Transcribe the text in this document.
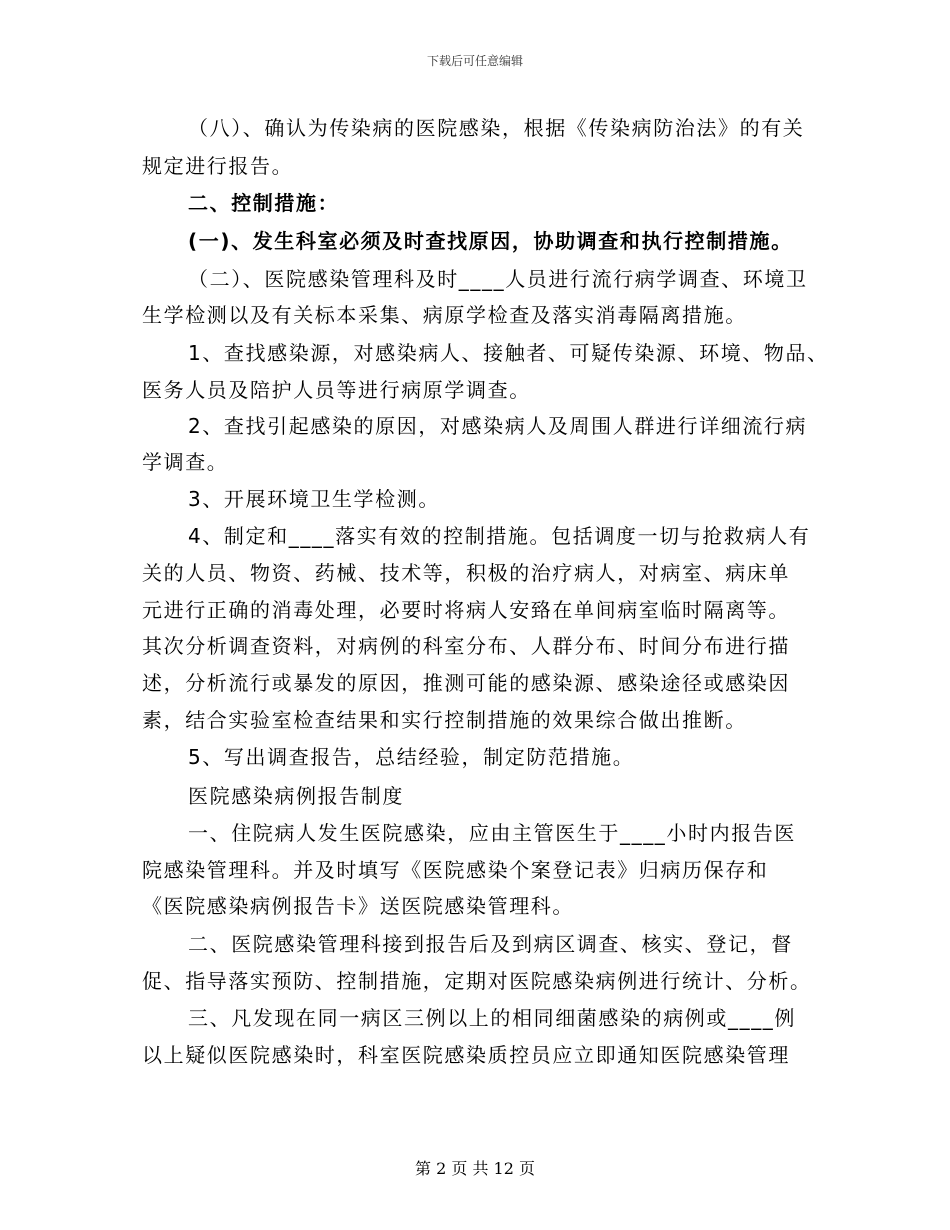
下载后可任意编辑
（八）、确认为传染病的医院感染，根据《传染病防治法》的有关
规定进行报告。
二、控制措施：
(一)、发生科室必须及时查找原因，协助调查和执行控制措施。
（二）、医院感染管理科及时____人员进行流行病学调查、环境卫
生学检测以及有关标本采集、病原学检查及落实消毒隔离措施。
1、查找感染源，对感染病人、接触者、可疑传染源、环境、物品、
医务人员及陪护人员等进行病原学调查。
2、查找引起感染的原因，对感染病人及周围人群进行详细流行病
学调查。
3、开展环境卫生学检测。
4、制定和____落实有效的控制措施。包括调度一切与抢救病人有
关的人员、物资、药械、技术等，积极的治疗病人，对病室、病床单
元进行正确的消毒处理，必要时将病人安臵在单间病室临时隔离等。
其次分析调查资料，对病例的科室分布、人群分布、时间分布进行描
述，分析流行或暴发的原因，推测可能的感染源、感染途径或感染因
素，结合实验室检查结果和实行控制措施的效果综合做出推断。
5、写出调查报告，总结经验，制定防范措施。
医院感染病例报告制度
一、住院病人发生医院感染，应由主管医生于____小时内报告医
院感染管理科。并及时填写《医院感染个案登记表》归病历保存和
《医院感染病例报告卡》送医院感染管理科。
二、医院感染管理科接到报告后及到病区调查、核实、登记，督
促、指导落实预防、控制措施，定期对医院感染病例进行统计、分析。
三、凡发现在同一病区三例以上的相同细菌感染的病例或____例
以上疑似医院感染时，科室医院感染质控员应立即通知医院感染管理
第 2 页 共 12 页
